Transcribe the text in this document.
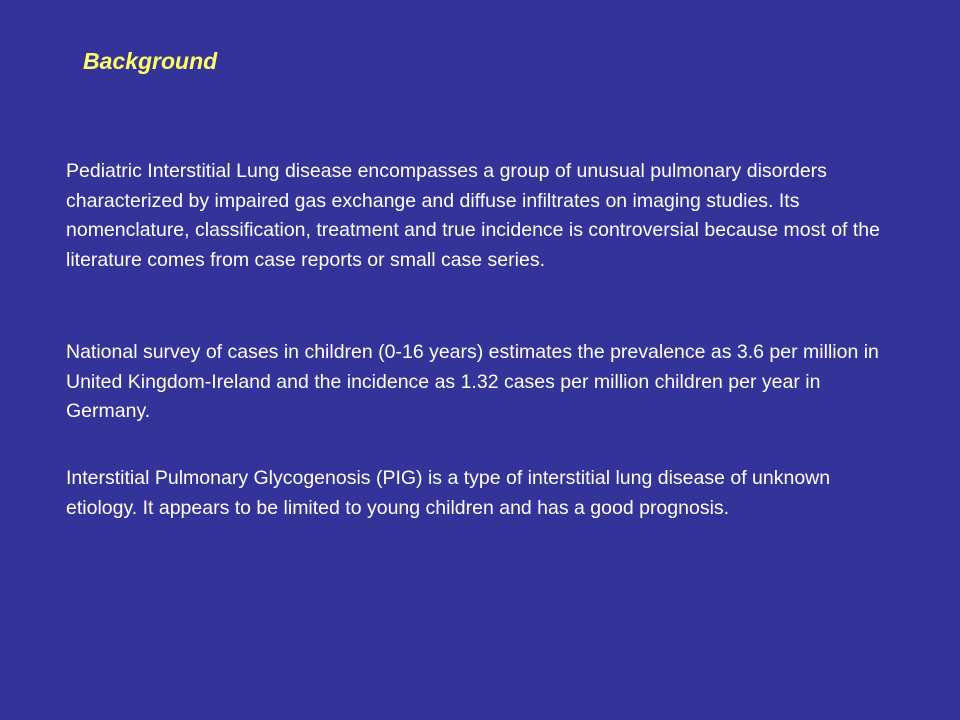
Background

Pediatric Interstitial Lung disease encompasses a group of unusual pulmonary disorders characterized by impaired gas exchange and diffuse infiltrates on imaging studies. Its nomenclature, classification, treatment and true incidence is controversial because most of the literature comes from case reports or small case series.

National survey of cases in children (0-16 years) estimates the prevalence as 3.6 per million in United Kingdom-Ireland and the incidence as 1.32 cases per million children per year in Germany.

Interstitial Pulmonary Glycogenosis (PIG) is a type of interstitial lung disease of unknown etiology. It appears to be limited to young children and has a good prognosis.
